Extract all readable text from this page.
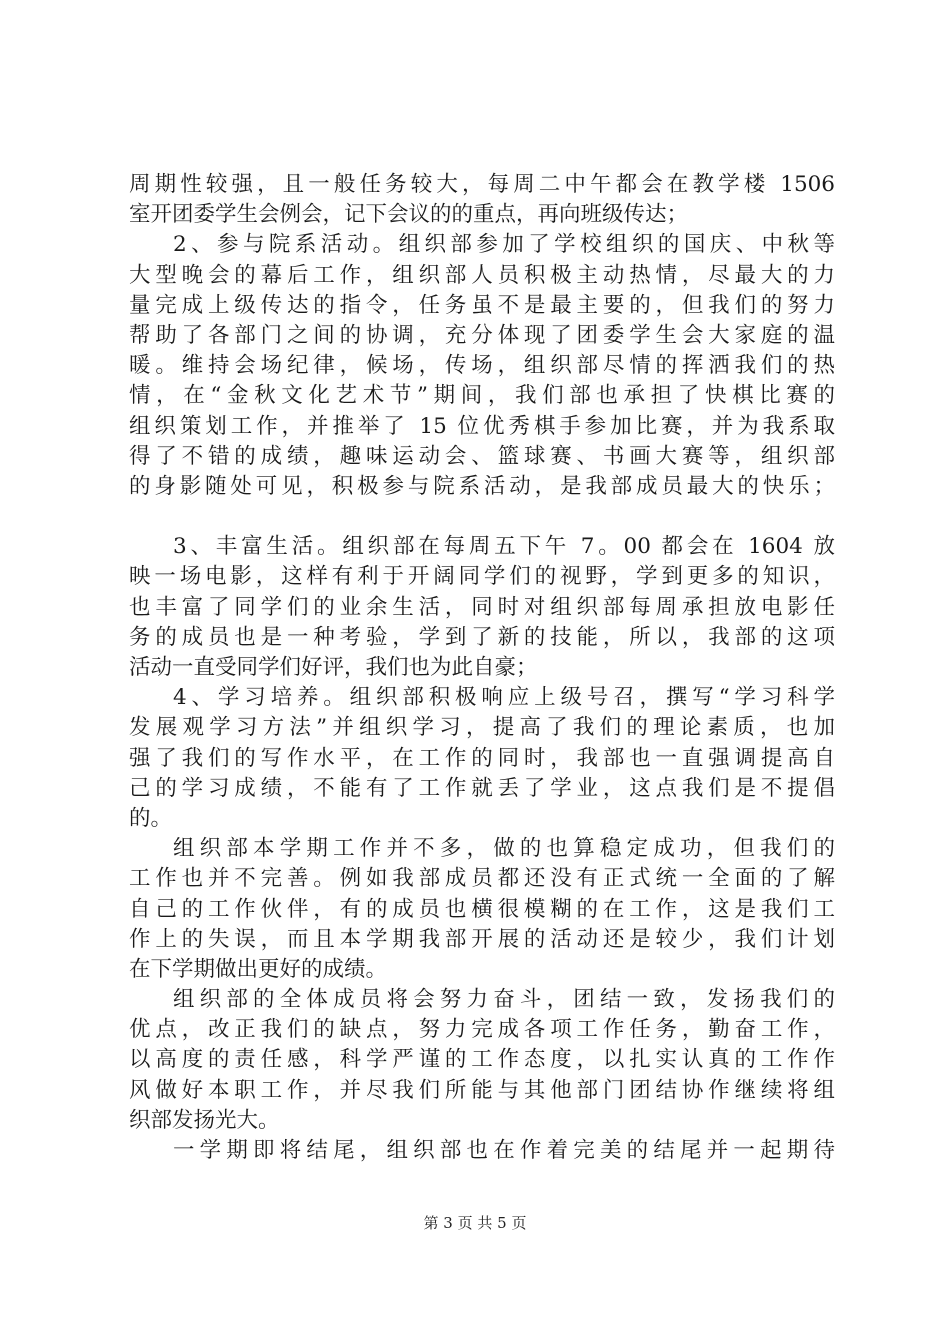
周期性较强，且一般任务较大，每周二中午都会在教学楼 1506
室开团委学生会例会，记下会议的的重点，再向班级传达；
2、参与院系活动。组织部参加了学校组织的国庆、中秋等
大型晚会的幕后工作，组织部人员积极主动热情，尽最大的力
量完成上级传达的指令，任务虽不是最主要的，但我们的努力
帮助了各部门之间的协调，充分体现了团委学生会大家庭的温
暖。维持会场纪律，候场，传场，组织部尽情的挥洒我们的热
情，在“金秋文化艺术节”期间，我们部也承担了快棋比赛的
组织策划工作，并推举了 15 位优秀棋手参加比赛，并为我系取
得了不错的成绩，趣味运动会、篮球赛、书画大赛等，组织部
的身影随处可见，积极参与院系活动，是我部成员最大的快乐；
3、丰富生活。组织部在每周五下午 7。00 都会在 1604 放
映一场电影，这样有利于开阔同学们的视野，学到更多的知识，
也丰富了同学们的业余生活，同时对组织部每周承担放电影任
务的成员也是一种考验，学到了新的技能，所以，我部的这项
活动一直受同学们好评，我们也为此自豪；
4、学习培养。组织部积极响应上级号召，撰写“学习科学
发展观学习方法”并组织学习，提高了我们的理论素质，也加
强了我们的写作水平，在工作的同时，我部也一直强调提高自
己的学习成绩，不能有了工作就丢了学业，这点我们是不提倡
的。
组织部本学期工作并不多，做的也算稳定成功，但我们的
工作也并不完善。例如我部成员都还没有正式统一全面的了解
自己的工作伙伴，有的成员也横很模糊的在工作，这是我们工
作上的失误，而且本学期我部开展的活动还是较少，我们计划
在下学期做出更好的成绩。
组织部的全体成员将会努力奋斗，团结一致，发扬我们的
优点，改正我们的缺点，努力完成各项工作任务，勤奋工作，
以高度的责任感，科学严谨的工作态度，以扎实认真的工作作
风做好本职工作，并尽我们所能与其他部门团结协作继续将组
织部发扬光大。
一学期即将结尾，组织部也在作着完美的结尾并一起期待
第 3 页 共 5 页
